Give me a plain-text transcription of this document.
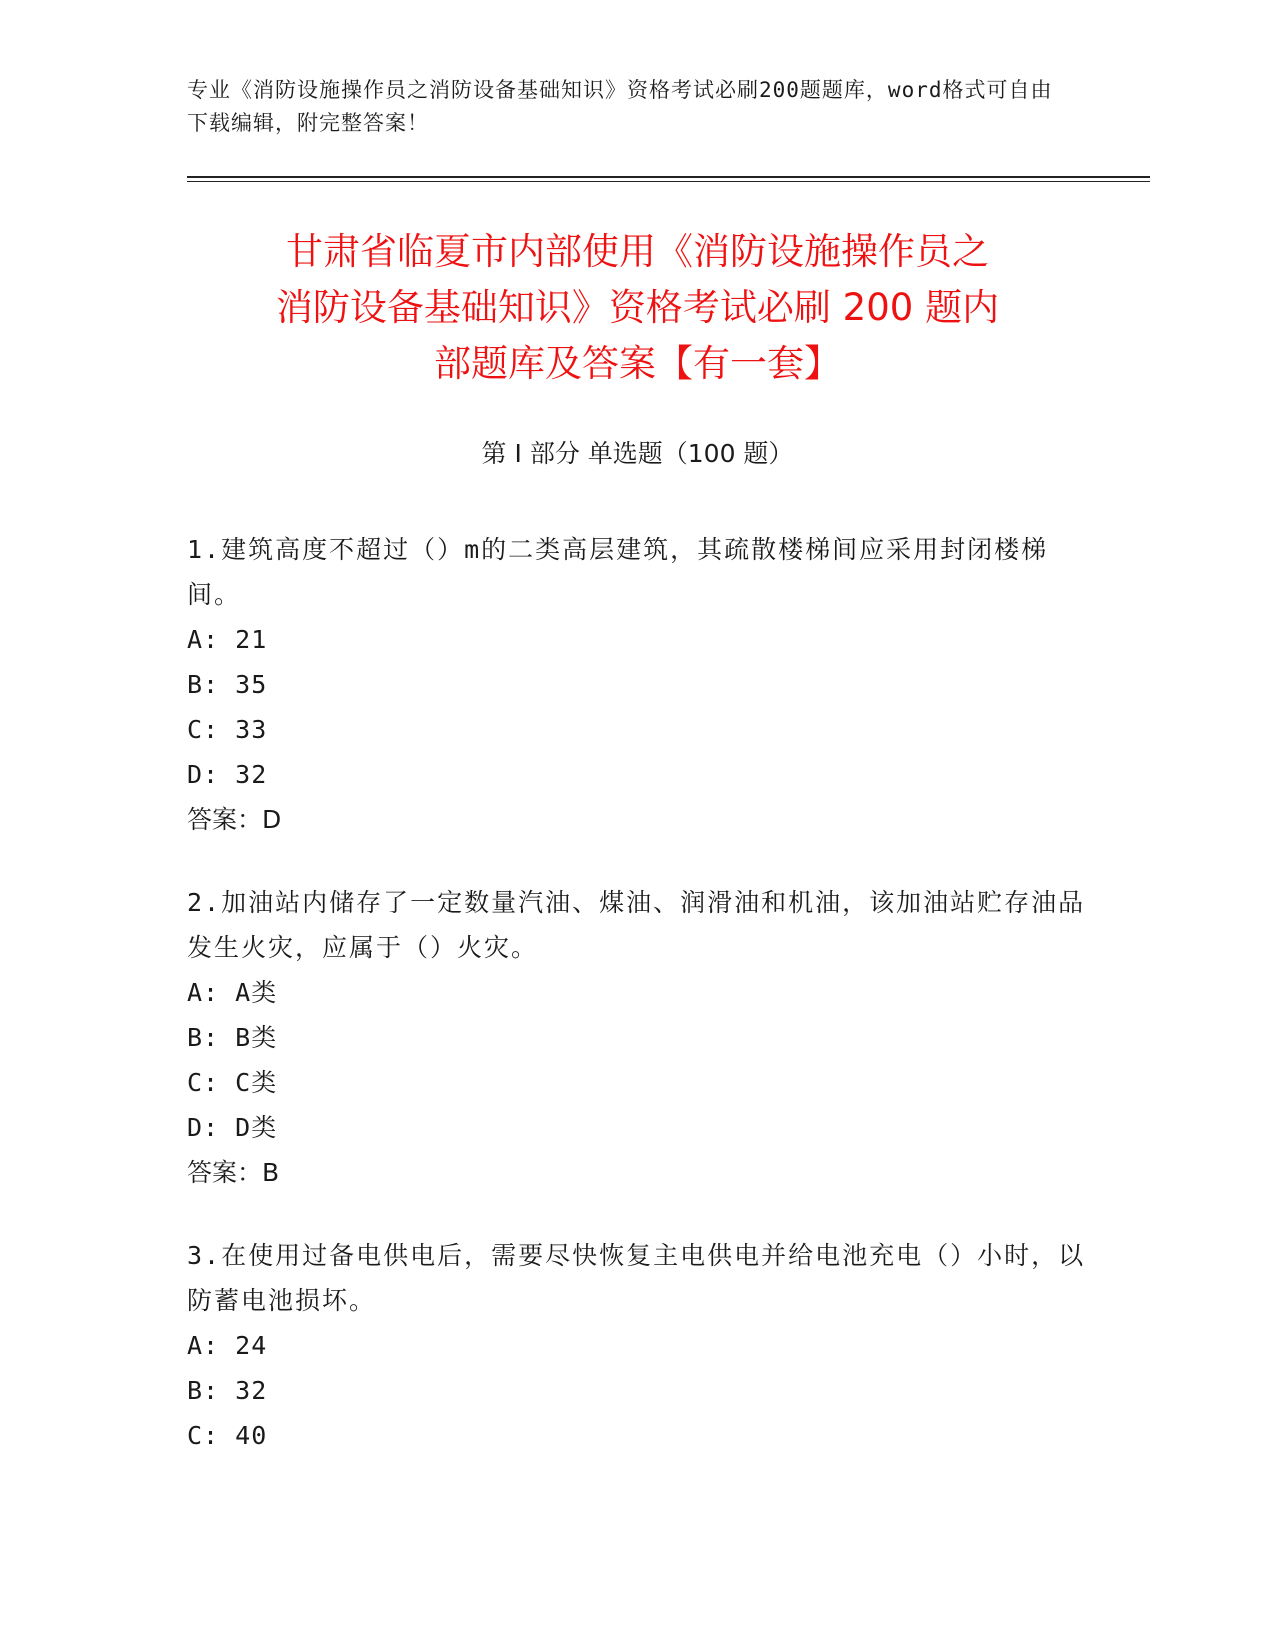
专业《消防设施操作员之消防设备基础知识》资格考试必刷200题题库，word格式可自由下载编辑，附完整答案！
甘肃省临夏市内部使用《消防设施操作员之
消防设备基础知识》资格考试必刷 200 题内
部题库及答案【有一套】
第 I 部分 单选题（100 题）
1.建筑高度不超过（）m的二类高层建筑，其疏散楼梯间应采用封闭楼梯间。
A: 21
B: 35
C: 33
D: 32
答案：D
2.加油站内储存了一定数量汽油、煤油、润滑油和机油，该加油站贮存油品发生火灾，应属于（）火灾。
A: A类
B: B类
C: C类
D: D类
答案：B
3.在使用过备电供电后，需要尽快恢复主电供电并给电池充电（）小时，以防蓄电池损坏。
A: 24
B: 32
C: 40
